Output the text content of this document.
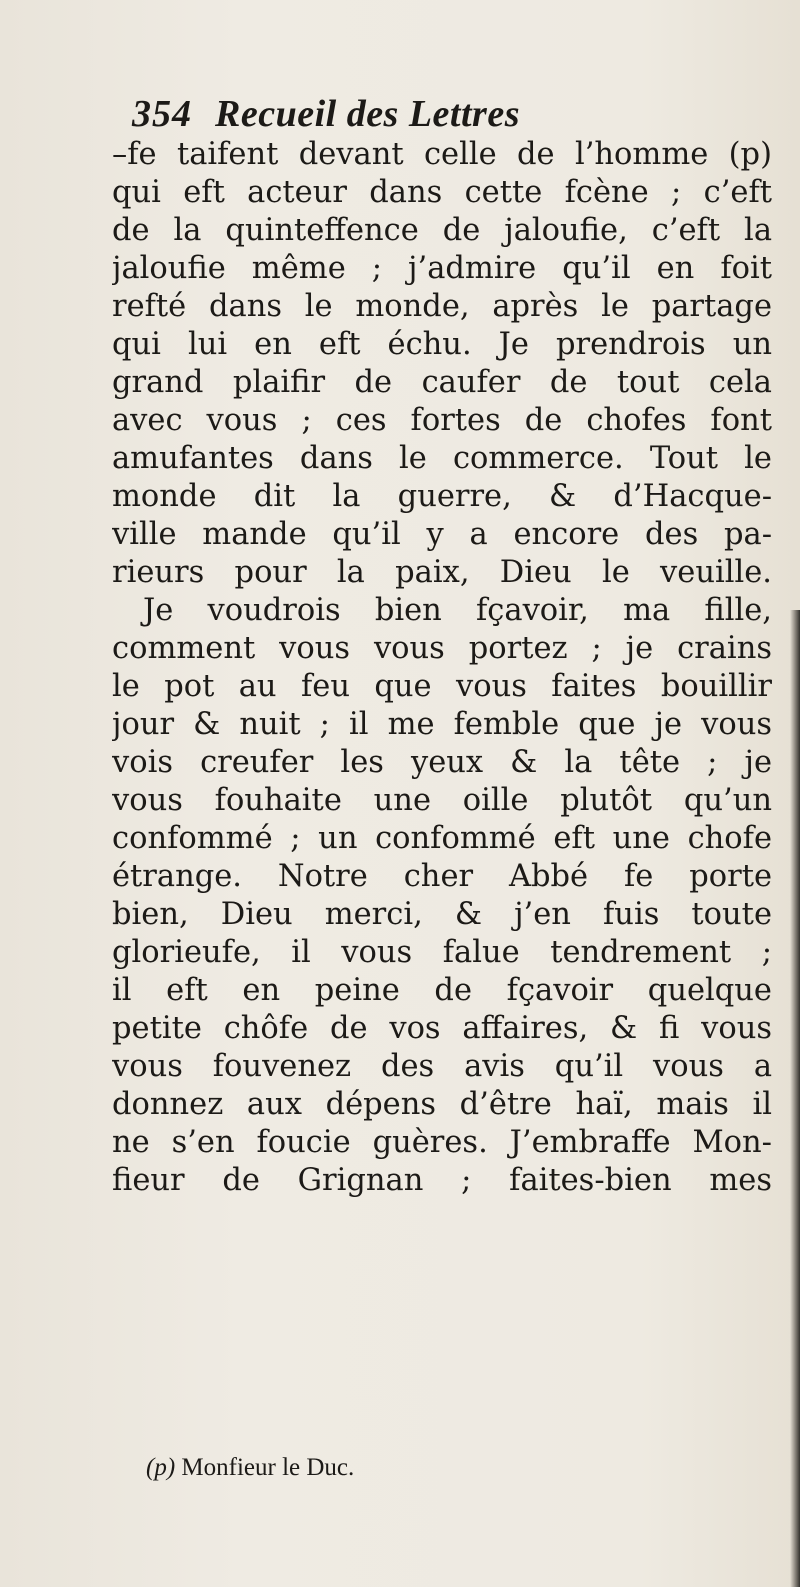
354 Recueil des Lettres
–fe taifent devant celle de l’homme (p)
qui eft acteur dans cette fcène ; c’eft
de la quinteffence de jaloufie, c’eft la
jaloufie même ; j’admire qu’il en foit
refté dans le monde, après le partage
qui lui en eft échu. Je prendrois un
grand plaifir de caufer de tout cela
avec vous ; ces fortes de chofes font
amufantes dans le commerce. Tout le
monde dit la guerre, & d’Hacque-
ville mande qu’il y a encore des pa-
rieurs pour la paix, Dieu le veuille.
Je voudrois bien fçavoir, ma fille,
comment vous vous portez ; je crains
le pot au feu que vous faites bouillir
jour & nuit ; il me femble que je vous
vois creufer les yeux & la tête ; je
vous fouhaite une oille plutôt qu’un
confommé ; un confommé eft une chofe
étrange. Notre cher Abbé fe porte
bien, Dieu merci, & j’en fuis toute
glorieufe, il vous falue tendrement ;
il eft en peine de fçavoir quelque
petite chôfe de vos affaires, & fi vous
vous fouvenez des avis qu’il vous a
donnez aux dépens d’être haï, mais il
ne s’en foucie guères. J’embraffe Mon-
fieur de Grignan ; faites-bien mes
(p) Monfieur le Duc.
